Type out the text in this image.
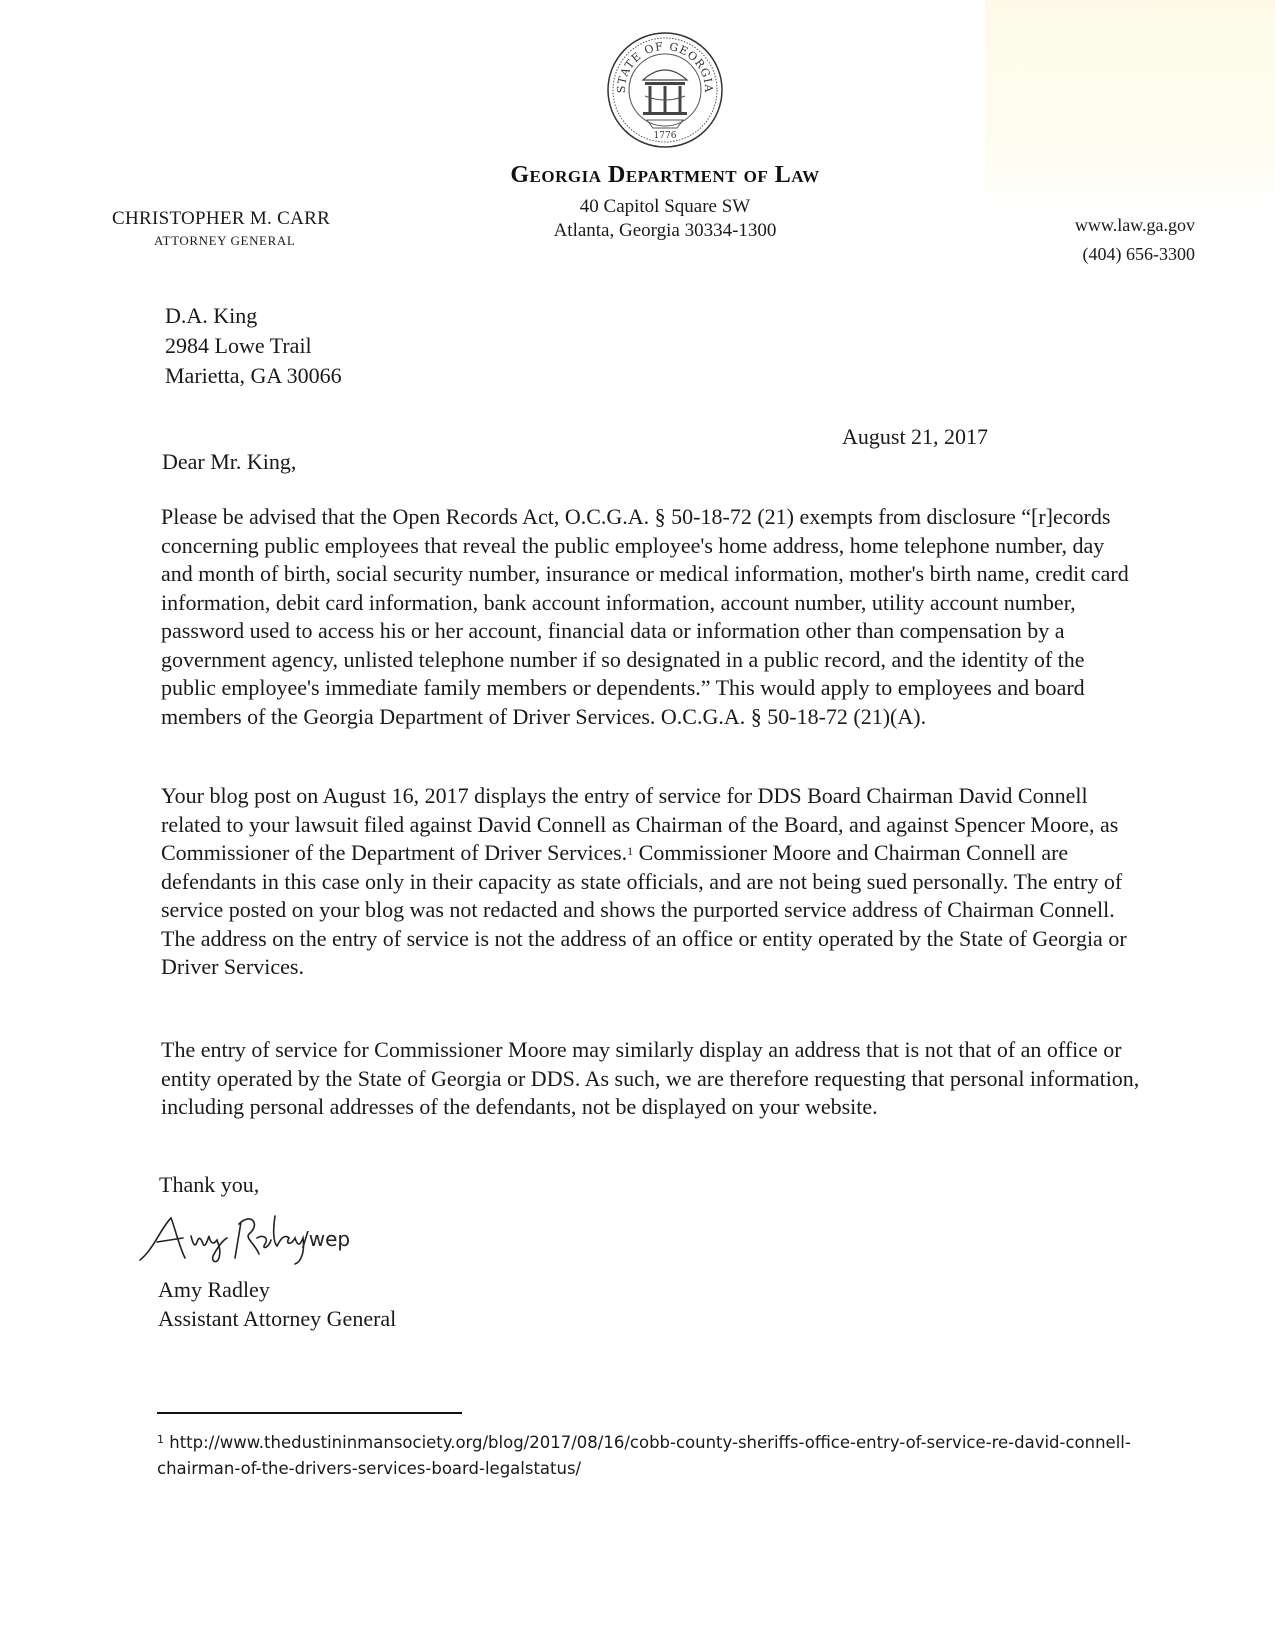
STATE OF GEORGIA
1776
Georgia Department of Law
40 Capitol Square SW
Atlanta, Georgia 30334-1300
CHRISTOPHER M. CARR
ATTORNEY GENERAL
www.law.ga.gov
(404) 656-3300
D.A. King
2984 Lowe Trail
Marietta, GA 30066
August 21, 2017
Dear Mr. King,
Please be advised that the Open Records Act, O.C.G.A. § 50-18-72 (21) exempts from disclosure “[r]ecords concerning public employees that reveal the public employee's home address, home telephone number, day and month of birth, social security number, insurance or medical information, mother's birth name, credit card information, debit card information, bank account information, account number, utility account number, password used to access his or her account, financial data or information other than compensation by a government agency, unlisted telephone number if so designated in a public record, and the identity of the public employee's immediate family members or dependents.” This would apply to employees and board members of the Georgia Department of Driver Services. O.C.G.A. § 50-18-72 (21)(A).
Your blog post on August 16, 2017 displays the entry of service for DDS Board Chairman David Connell related to your lawsuit filed against David Connell as Chairman of the Board, and against Spencer Moore, as Commissioner of the Department of Driver Services.$^1$ Commissioner Moore and Chairman Connell are defendants in this case only in their capacity as state officials, and are not being sued personally. The entry of service posted on your blog was not redacted and shows the purported service address of Chairman Connell. The address on the entry of service is not the address of an office or entity operated by the State of Georgia or Driver Services.
The entry of service for Commissioner Moore may similarly display an address that is not that of an office or entity operated by the State of Georgia or DDS. As such, we are therefore requesting that personal information, including personal addresses of the defendants, not be displayed on your website.
Thank you,
/wep
Amy Radley
Assistant Attorney General
$^1$ http://www.thedustininmansociety.org/blog/2017/08/16/cobb-county-sheriffs-office-entry-of-service-re-david-connell-chairman-of-the-drivers-services-board-legalstatus/
